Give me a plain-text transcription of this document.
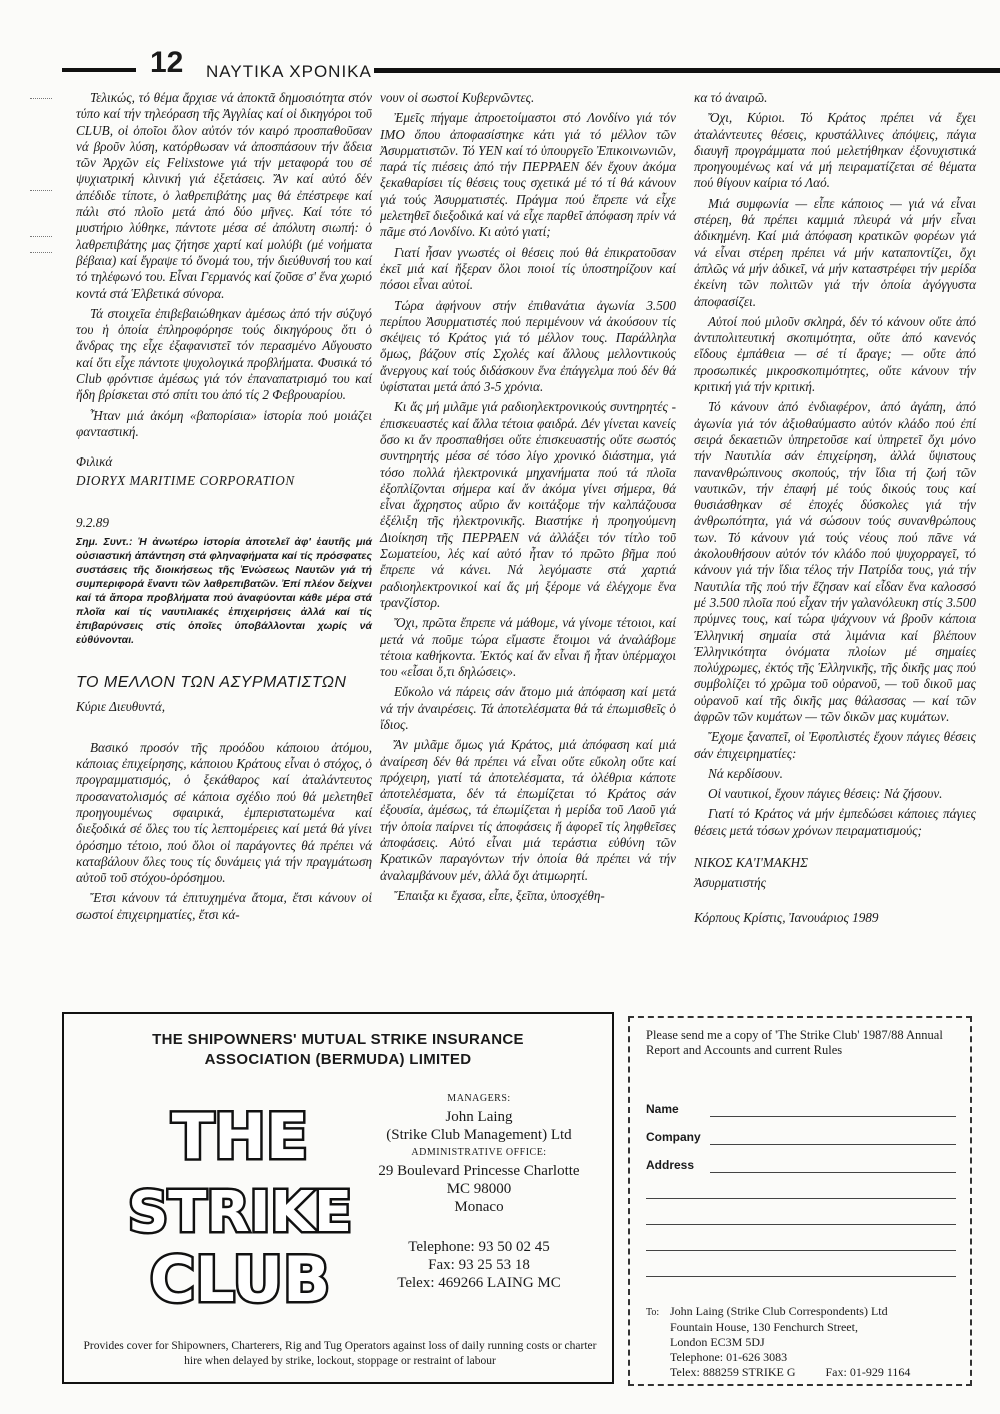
12 ΝΑΥΤΙΚΑ ΧΡΟΝΙΚΑ

Τελικώς, τό θέμα ἄρχισε νά ἀποκτᾶ δημοσιότητα στόν τύπο καί τήν τηλεόραση τῆς Ἀγγλίας καί οἱ δικηγόροι τοῦ CLUB, οἱ ὁποῖοι ὅλον αὐτόν τόν καιρό προσπαθοῦσαν νά βροῦν λύση, κατόρθωσαν νά ἀποσπάσουν τήν ἄδεια τῶν Ἀρχῶν εἰς Felixstowe γιά τήν μεταφορά του σέ ψυχιατρική κλινική γιά ἐξετάσεις. Ἄν καί αὐτό δέν ἀπέδιδε τίποτε, ὁ λαθρεπιβάτης μας θά ἐπέστρεφε καί πάλι στό πλοῖο μετά ἀπό δύο μῆνες. Καί τότε τό μυστήριο λύθηκε, πάντοτε μέσα σέ ἀπόλυτη σιωπή: ὁ λαθρεπιβάτης μας ζήτησε χαρτί καί μολύβι (μέ νοήματα βέβαια) καί ἔγραψε τό ὄνομά του, τήν διεύθυνσή του καί τό τηλέφωνό του. Εἶναι Γερμανός καί ζοῦσε σ' ἕνα χωριό κοντά στά Ἑλβετικά σύνορα.

Τά στοιχεῖα ἐπιβεβαιώθηκαν ἀμέσως ἀπό τήν σύζυγό του ἡ ὁποία ἐπληροφόρησε τούς δικηγόρους ὅτι ὁ ἄνδρας της εἶχε ἐξαφανιστεῖ τόν περασμένο Αὔγουστο καί ὅτι εἶχε πάντοτε ψυχολογικά προβλήματα. Φυσικά τό Club φρόντισε ἀμέσως γιά τόν ἐπαναπατρισμό του καί ἤδη βρίσκεται στό σπίτι του ἀπό τίς 2 Φεβρουαρίου.

Ἦταν μιά ἀκόμη «βαπορίσια» ἱστορία πού μοιάζει φανταστική.

Φιλικά

DIORYX MARITIME CORPORATION

9.2.89

Σημ. Συντ.: Ἡ ἀνωτέρω ἱστορία ἀποτελεῖ ἀφ' ἑαυτῆς μιά οὐσιαστική ἀπάντηση στά φληναφήματα καί τίς πρόσφατες συστάσεις τῆς διοικήσεως τῆς Ἑνώσεως Ναυτῶν γιά τή συμπεριφορά ἔναντι τῶν λαθρεπιβατῶν. Ἐπί πλέον δείχνει καί τά ἄπορα προβλήματα πού ἀναφύονται κάθε μέρα στά πλοῖα καί τίς ναυτιλιακές ἐπιχειρήσεις ἀλλά καί τίς ἐπιβαρύνσεις στίς ὁποῖες ὑποβάλλονται χωρίς νά εὐθύνονται.

ΤΟ ΜΕΛΛΟΝ ΤΩΝ ΑΣΥΡΜΑΤΙΣΤΩΝ

Κύριε Διευθυντά,

Βασικό προσόν τῆς προόδου κάποιου ἀτόμου, κάποιας ἐπιχείρησης, κάποιου Κράτους εἶναι ὁ στόχος, ὁ προγραμματισμός, ὁ ξεκάθαρος καί ἀταλάντευτος προσανατολισμός σέ κάποια σχέδιο πού θά μελετηθεῖ προηγουμένως σφαιρικά, ἐμπεριστατωμένα καί διεξοδικά σέ ὅλες του τίς λεπτομέρειες καί μετά θά γίνει ὁρόσημο τέτοιο, πού ὅλοι οἱ παράγοντες θά πρέπει νά καταβάλουν ὅλες τους τίς δυνάμεις γιά τήν πραγμάτωση αὐτοῦ τοῦ στόχου-ὁρόσημου.

Ἔτσι κάνουν τά ἐπιτυχημένα ἄτομα, ἔτσι κάνουν οἱ σωστοί ἐπιχειρηματίες, ἔτσι κά-

νουν οἱ σωστοί Κυβερνῶντες.

Ἐμεῖς πήγαμε ἀπροετοίμαστοι στό Λονδίνο γιά τόν IMO ὅπου ἀποφασίστηκε κάτι γιά τό μέλλον τῶν Ἀσυρματιστῶν. Τό ΥΕΝ καί τό ὑπουργεῖο Ἐπικοινωνιῶν, παρά τίς πιέσεις ἀπό τήν ΠΕΡΡΑΕΝ δέν ἔχουν ἀκόμα ξεκαθαρίσει τίς θέσεις τους σχετικά μέ τό τί θά κάνουν γιά τούς Ἀσυρματιστές. Πράγμα πού ἔπρεπε νά εἶχε μελετηθεῖ διεξοδικά καί νά εἶχε παρθεῖ ἀπόφαση πρίν νά πᾶμε στό Λονδίνο. Κι αὐτό γιατί;

Γιατί ἦσαν γνωστές οἱ θέσεις πού θά ἐπικρατοῦσαν ἐκεῖ μιά καί ἤξεραν ὅλοι ποιοί τίς ὑποστηρίζουν καί πόσοι εἶναι αὐτοί.

Τώρα ἀφήνουν στήν ἐπιθανάτια ἀγωνία 3.500 περίπου Ἀσυρματιστές πού περιμένουν νά ἀκούσουν τίς σκέψεις τό Κράτος γιά τό μέλλον τους. Παράλληλα ὅμως, βάζουν στίς Σχολές καί ἄλλους μελλοντικούς ἄνεργους καί τούς διδάσκουν ἕνα ἐπάγγελμα πού δέν θά ὑφίσταται μετά ἀπό 3-5 χρόνια.

Κι ἄς μή μιλᾶμε γιά ραδιοηλεκτρονικούς συντηρητές - ἐπισκευαστές καί ἄλλα τέτοια φαιδρά. Δέν γίνεται κανείς ὅσο κι ἄν προσπαθήσει οὔτε ἐπισκευαστής οὔτε σωστός συντηρητής μέσα σέ τόσο λίγο χρονικό διάστημα, γιά τόσο πολλά ἠλεκτρονικά μηχανήματα πού τά πλοῖα ἐξοπλίζονται σήμερα καί ἄν ἀκόμα γίνει σήμερα, θά εἶναι ἄχρηστος αὔριο ἄν κοιτάξομε τήν καλπάζουσα ἐξέλιξη τῆς ἠλεκτρονικῆς. Βιαστήκε ἡ προηγούμενη Διοίκηση τῆς ΠΕΡΡΑΕΝ νά ἀλλάξει τόν τίτλο τοῦ Σωματείου, λές καί αὐτό ἦταν τό πρῶτο βῆμα πού ἔπρεπε νά κάνει. Νά λεγόμαστε στά χαρτιά ραδιοηλεκτρονικοί καί ἄς μή ξέρομε νά ἐλέγχομε ἕνα τρανζίστορ.

Ὄχι, πρῶτα ἔπρεπε νά μάθομε, νά γίνομε τέτοιοι, καί μετά νά ποῦμε τώρα εἴμαστε ἕτοιμοι νά ἀναλάβομε τέτοια καθήκοντα. Ἐκτός καί ἄν εἶναι ἤ ἦταν ὑπέρμαχοι του «εἶσαι ὅ,τι δηλώσεις».

Εὔκολο νά πάρεις σάν ἄτομο μιά ἀπόφαση καί μετά νά τήν ἀναιρέσεις. Τά ἀποτελέσματα θά τά ἐπωμισθεῖς ὁ ἴδιος.

Ἄν μιλᾶμε ὅμως γιά Κράτος, μιά ἀπόφαση καί μιά ἀναίρεση δέν θά πρέπει νά εἶναι οὔτε εὔκολη οὔτε καί πρόχειρη, γιατί τά ἀποτελέσματα, τά ὀλέθρια κάποτε ἀποτελέσματα, δέν τά ἐπωμίζεται τό Κράτος σάν ἐξουσία, ἀμέσως, τά ἐπωμίζεται ἡ μερίδα τοῦ Λαοῦ γιά τήν ὁποία παίρνει τίς ἀποφάσεις ἤ ἀφορεῖ τίς ληφθεῖσες ἀποφάσεις. Αὐτό εἶναι μιά τεράστια εὐθύνη τῶν Κρατικῶν παραγόντων τήν ὁποία θά πρέπει νά τήν ἀναλαμβάνουν μέν, ἀλλά ὄχι ἀτιμωρητί.

Ἔπαιξα κι ἔχασα, εἶπε, ξεῖπα, ὑποσχέθη-

κα τό ἀναιρῶ.

Ὄχι, Κύριοι. Τό Κράτος πρέπει νά ἔχει ἀταλάντευτες θέσεις, κρυστάλλινες ἀπόψεις, πάγια διαυγῆ προγράμματα πού μελετήθηκαν ἐξονυχιστικά προηγουμένως καί νά μή πειραματίζεται σέ θέματα πού θίγουν καίρια τό Λαό.

Μιά συμφωνία — εἶπε κάποιος — γιά νά εἶναι στέρεη, θά πρέπει καμμιά πλευρά νά μήν εἶναι ἀδικημένη. Καί μιά ἀπόφαση κρατικῶν φορέων γιά νά εἶναι στέρεη πρέπει νά μήν καταποντίζει, ὄχι ἁπλῶς νά μήν ἀδικεῖ, νά μήν καταστρέφει τήν μερίδα ἐκείνη τῶν πολιτῶν γιά τήν ὁποία ἀγόγγυστα ἀποφασίζει.

Αὐτοί πού μιλοῦν σκληρά, δέν τό κάνουν οὔτε ἀπό ἀντιπολιτευτική σκοπιμότητα, οὔτε ἀπό κανενός εἴδους ἐμπάθεια — σέ τί ἄραγε; — οὔτε ἀπό προσωπικές μικροσκοπιμότητες, οὔτε κάνουν τήν κριτική γιά τήν κριτική.

Τό κάνουν ἀπό ἐνδιαφέρον, ἀπό ἀγάπη, ἀπό ἀγωνία γιά τόν ἀξιοθαύμαστο αὐτόν κλάδο πού ἐπί σειρά δεκαετιῶν ὑπηρετοῦσε καί ὑπηρετεῖ ὄχι μόνο τήν Ναυτιλία σάν ἐπιχείρηση, ἀλλά ὕψιστους πανανθρώπινους σκοπούς, τήν ἴδια τή ζωή τῶν ναυτικῶν, τήν ἐπαφή μέ τούς δικούς τους καί θυσιάσθηκαν σέ ἐποχές δύσκολες γιά τήν ἀνθρωπότητα, γιά νά σώσουν τούς συνανθρώπους των. Τό κάνουν γιά τούς νέους πού πᾶνε νά ἀκολουθήσουν αὐτόν τόν κλάδο πού ψυχορραγεῖ, τό κάνουν γιά τήν ἴδια τέλος τήν Πατρίδα τους, γιά τήν Ναυτιλία τῆς πού τήν ἔζησαν καί εἶδαν ἕνα καλοσσό μέ 3.500 πλοῖα πού εἶχαν τήν γαλανόλευκη στίς 3.500 πρύμνες τους, καί τώρα ψάχνουν νά βροῦν κάποια Ἑλληνική σημαία στά λιμάνια καί βλέπουν Ἑλληνικότητα ὀνόματα πλοίων μέ σημαίες πολύχρωμες, ἐκτός τῆς Ἑλληνικῆς, τῆς δικῆς μας πού συμβολίζει τό χρῶμα τοῦ οὐρανοῦ, — τοῦ δικοῦ μας οὐρανοῦ καί τῆς δικῆς μας θάλασσας — καί τῶν ἀφρῶν τῶν κυμάτων — τῶν δικῶν μας κυμάτων.

Ἔχομε ξαναπεῖ, οἱ Ἐφοπλιστές ἔχουν πάγιες θέσεις σάν ἐπιχειρηματίες:

Νά κερδίσουν.

Οἱ ναυτικοί, ἔχουν πάγιες θέσεις: Νά ζήσουν.

Γιατί τό Κράτος νά μήν ἐμπεδώσει κάποιες πάγιες θέσεις μετά τόσων χρόνων πειραματισμούς;

ΝΙΚΟΣ ΚΑ'Ι'ΜΑΚΗΣ

Ἀσυρματιστής

Κόρπους Κρίστις, Ἰανουάριος 1989

THE SHIPOWNERS' MUTUAL STRIKE INSURANCE
ASSOCIATION (BERMUDA) LIMITED
THE
STRIKE
CLUB
MANAGERS:
John Laing
(Strike Club Management) Ltd
ADMINISTRATIVE OFFICE:
29 Boulevard Princesse Charlotte
MC 98000
Monaco
Telephone: 93 50 02 45
Fax: 93 25 53 18
Telex: 469266 LAING MC
Provides cover for Shipowners, Charterers, Rig and Tug Operators against loss of daily running costs or charter hire when delayed by strike, lockout, stoppage or restraint of labour
Please send me a copy of 'The Strike Club' 1987/88 Annual Report and Accounts and current Rules
Name
Company
Address
To: John Laing (Strike Club Correspondents) Ltd
Fountain House, 130 Fenchurch Street,
London EC3M 5DJ
Telephone: 01-626 3083
Telex: 888259 STRIKE G	Fax: 01-929 1164
